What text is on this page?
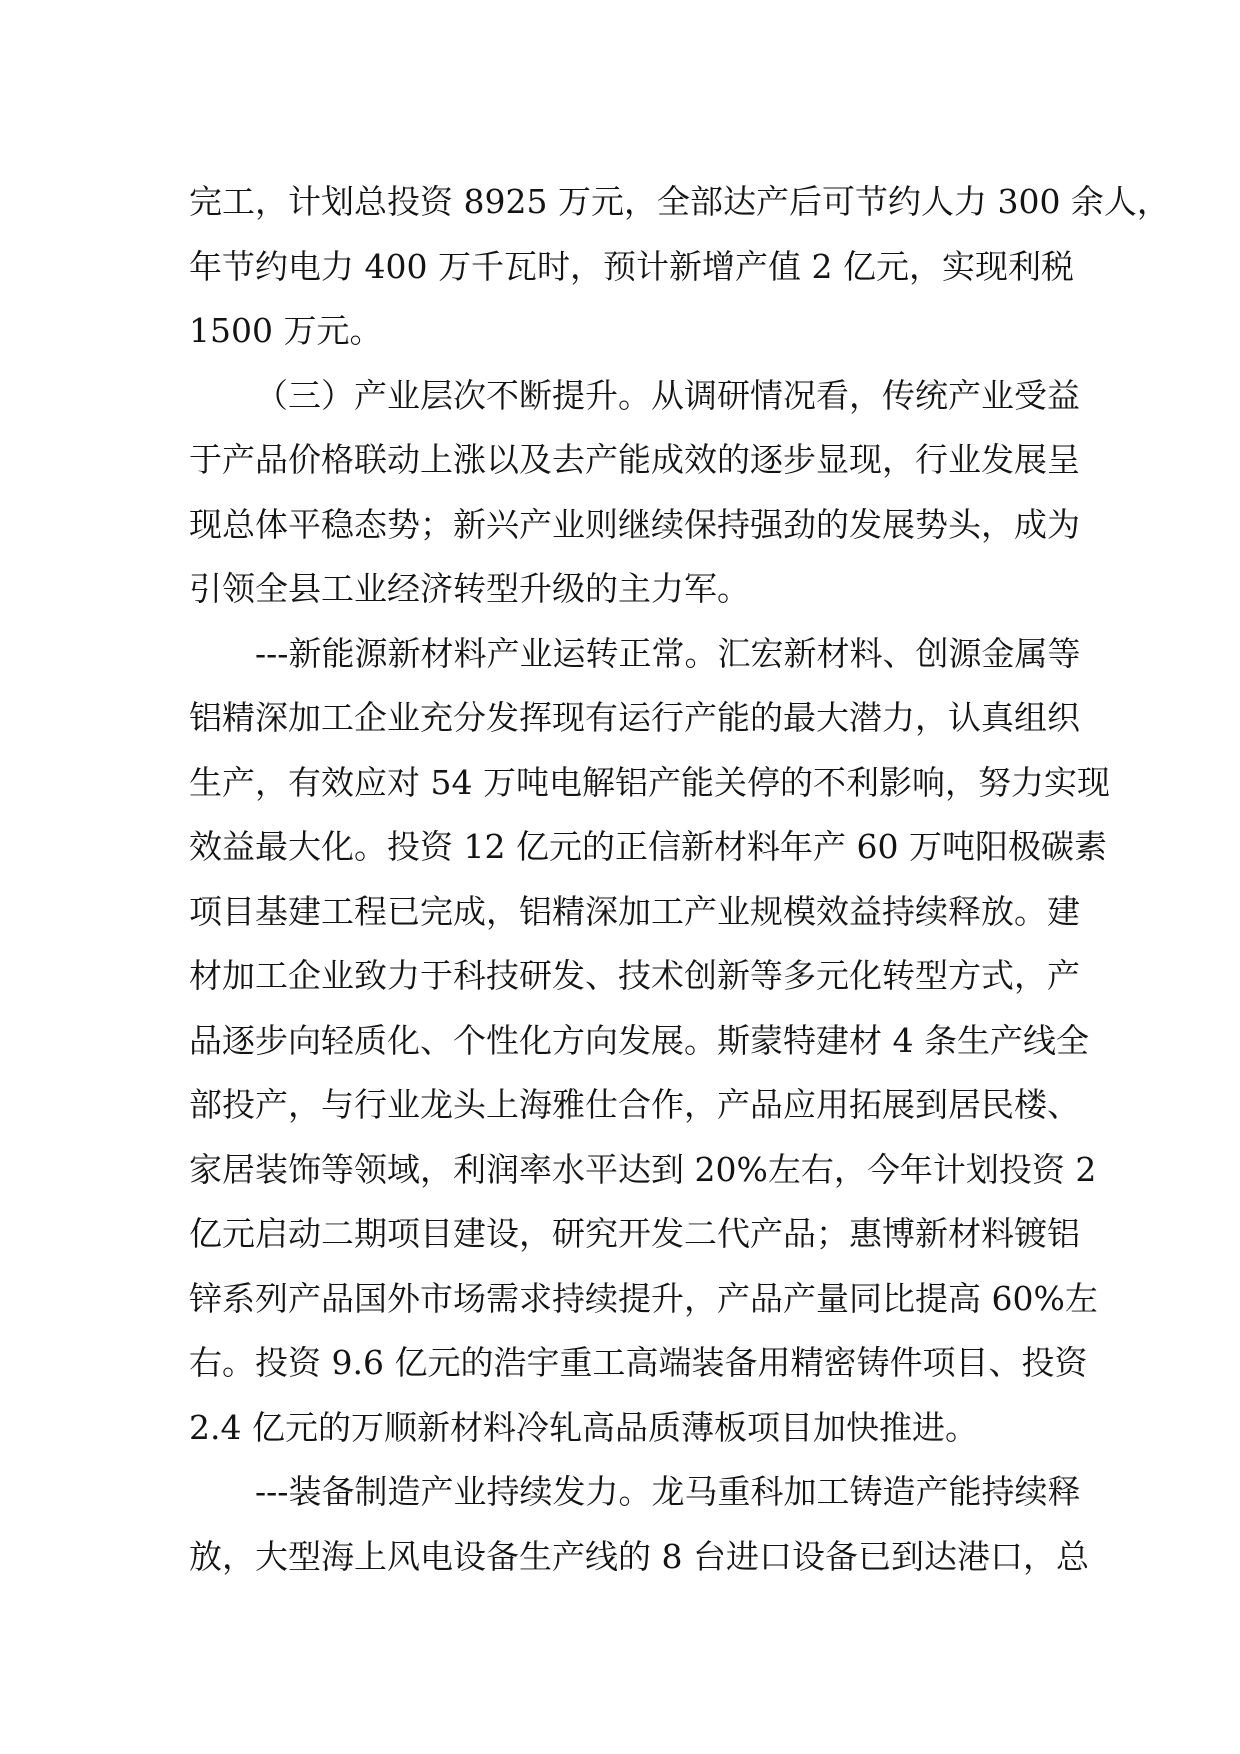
完工，计划总投资 8925 万元，全部达产后可节约人力 300 余人，
年节约电力 400 万千瓦时，预计新增产值 2 亿元，实现利税
1500 万元。
（三）产业层次不断提升。从调研情况看，传统产业受益
于产品价格联动上涨以及去产能成效的逐步显现，行业发展呈
现总体平稳态势；新兴产业则继续保持强劲的发展势头，成为
引领全县工业经济转型升级的主力军。
---新能源新材料产业运转正常。汇宏新材料、创源金属等
铝精深加工企业充分发挥现有运行产能的最大潜力，认真组织
生产，有效应对 54 万吨电解铝产能关停的不利影响，努力实现
效益最大化。投资 12 亿元的正信新材料年产 60 万吨阳极碳素
项目基建工程已完成，铝精深加工产业规模效益持续释放。建
材加工企业致力于科技研发、技术创新等多元化转型方式，产
品逐步向轻质化、个性化方向发展。斯蒙特建材 4 条生产线全
部投产，与行业龙头上海雅仕合作，产品应用拓展到居民楼、
家居装饰等领域，利润率水平达到 20%左右，今年计划投资 2
亿元启动二期项目建设，研究开发二代产品；惠博新材料镀铝
锌系列产品国外市场需求持续提升，产品产量同比提高 60%左
右。投资 9.6 亿元的浩宇重工高端装备用精密铸件项目、投资
2.4 亿元的万顺新材料冷轧高品质薄板项目加快推进。
---装备制造产业持续发力。龙马重科加工铸造产能持续释
放，大型海上风电设备生产线的 8 台进口设备已到达港口，总
